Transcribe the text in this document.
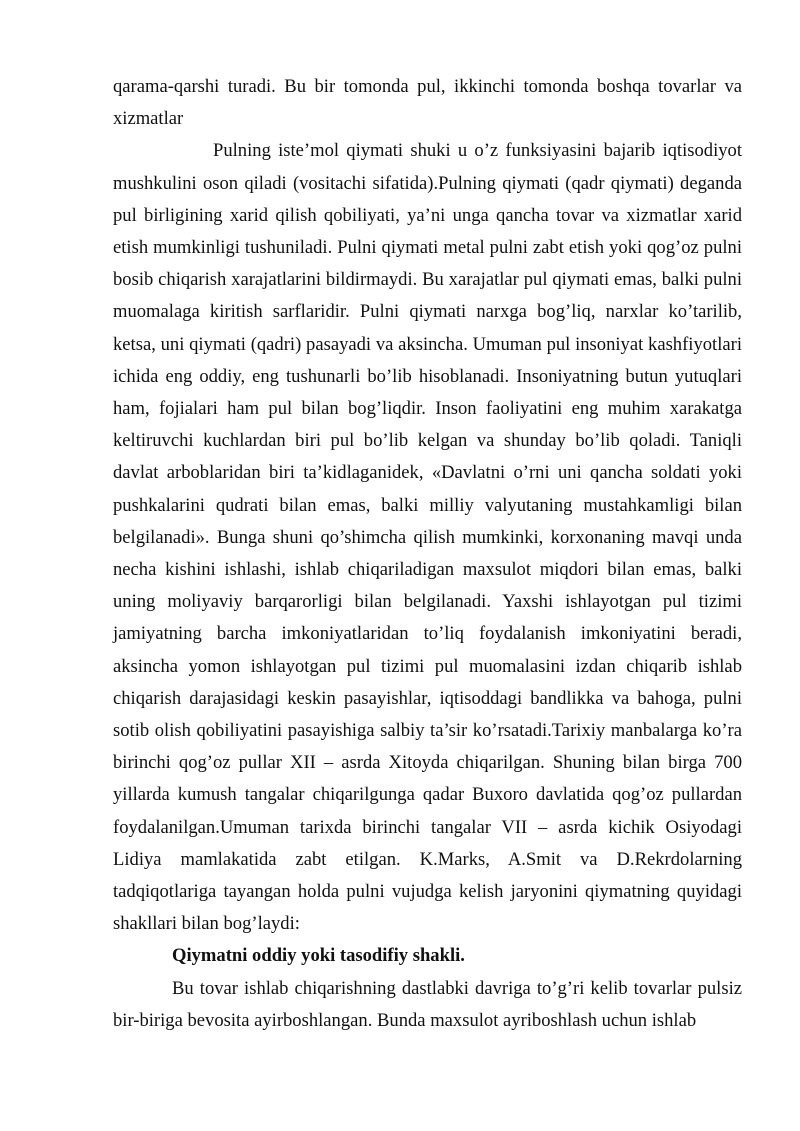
qarama-qarshi turadi. Bu bir tomonda pul, ikkinchi tomonda boshqa tovarlar va xizmatlar

Pulning iste’mol qiymati shuki u o’z funksiyasini bajarib iqtisodiyot mushkulini oson qiladi (vositachi sifatida).Pulning qiymati (qadr qiymati) deganda pul birligining xarid qilish qobiliyati, ya’ni unga qancha tovar va xizmatlar xarid etish mumkinligi tushuniladi. Pulni qiymati metal pulni zabt etish yoki qog’oz pulni bosib chiqarish xarajatlarini bildirmaydi. Bu xarajatlar pul qiymati emas, balki pulni muomalaga kiritish sarflaridir. Pulni qiymati narxga bog’liq, narxlar ko’tarilib, ketsa, uni qiymati (qadri) pasayadi va aksincha. Umuman pul insoniyat kashfiyotlari ichida eng oddiy, eng tushunarli bo’lib hisoblanadi. Insoniyatning butun yutuqlari ham, fojialari ham pul bilan bog’liqdir. Inson faoliyatini eng muhim xarakatga keltiruvchi kuchlardan biri pul bo’lib kelgan va shunday bo’lib qoladi. Taniqli davlat arboblaridan biri ta’kidlaganidek, «Davlatni o’rni uni qancha soldati yoki pushkalarini qudrati bilan emas, balki milliy valyutaning mustahkamligi bilan belgilanadi». Bunga shuni qo’shimcha qilish mumkinki, korxonaning mavqi unda necha kishini ishlashi, ishlab chiqariladigan maxsulot miqdori bilan emas, balki uning moliyaviy barqarorligi bilan belgilanadi. Yaxshi ishlayotgan pul tizimi jamiyatning barcha imkoniyatlaridan to’liq foydalanish imkoniyatini beradi, aksincha yomon ishlayotgan pul tizimi pul muomalasini izdan chiqarib ishlab chiqarish darajasidagi keskin pasayishlar, iqtisoddagi bandlikka va bahoga, pulni sotib olish qobiliyatini pasayishiga salbiy ta’sir ko’rsatadi.Tarixiy manbalarga ko’ra birinchi qog’oz pullar XII – asrda Xitoyda chiqarilgan. Shuning bilan birga 700 yillarda kumush tangalar chiqarilgunga qadar Buxoro davlatida qog’oz pullardan foydalanilgan.Umuman tarixda birinchi tangalar VII – asrda kichik Osiyodagi Lidiya mamlakatida zabt etilgan. K.Marks, A.Smit va D.Rekrdolarning tadqiqotlariga tayangan holda pulni vujudga kelish jaryonini qiymatning quyidagi shakllari bilan bog’laydi:

Qiymatni oddiy yoki tasodifiy shakli.

Bu tovar ishlab chiqarishning dastlabki davriga to’g’ri kelib tovarlar pulsiz bir-biriga bevosita ayirboshlangan. Bunda maxsulot ayriboshlash uchun ishlab
